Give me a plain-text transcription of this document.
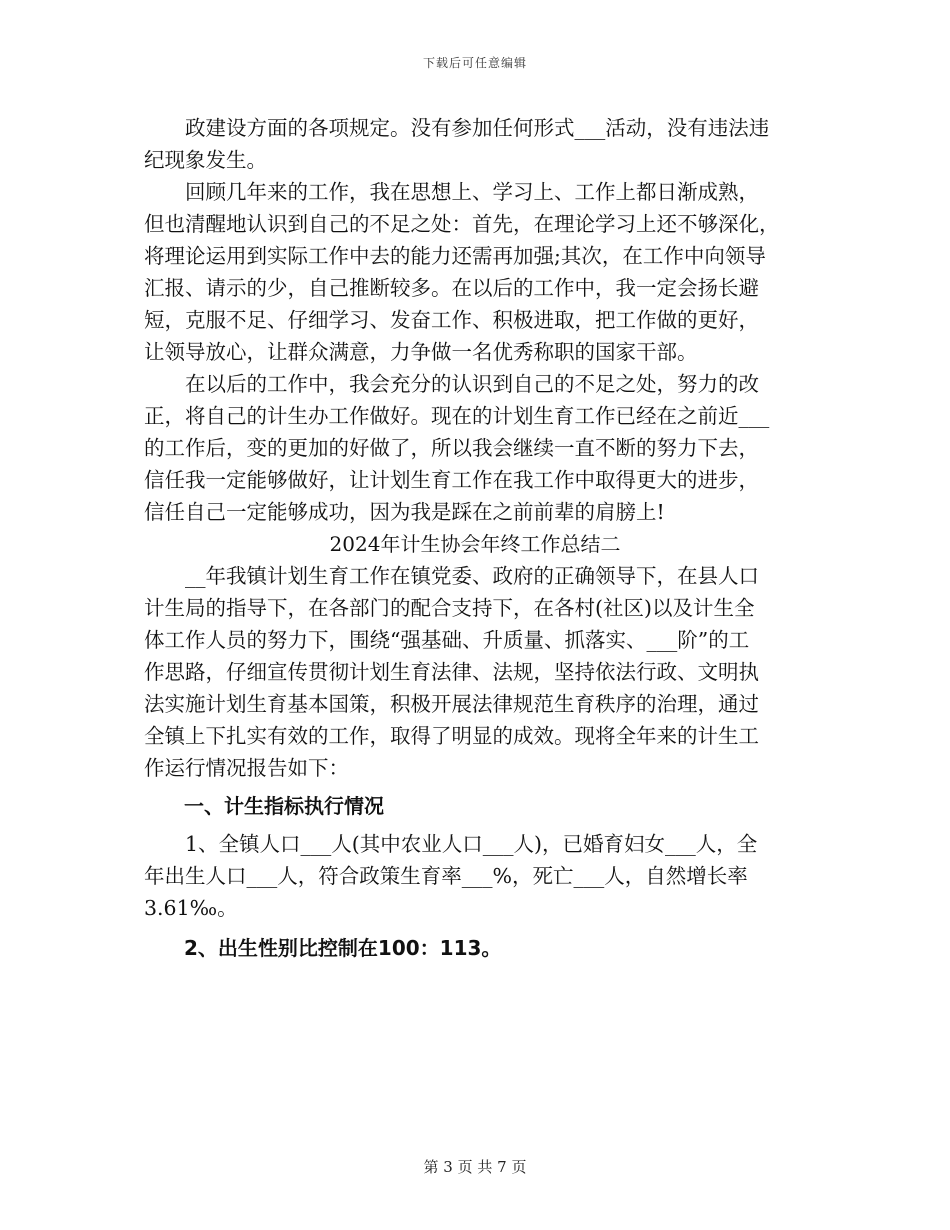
下载后可任意编辑
　　政建设方面的各项规定。没有参加任何形式___活动，没有违法违
纪现象发生。
　　回顾几年来的工作，我在思想上、学习上、工作上都日渐成熟，
但也清醒地认识到自己的不足之处：首先，在理论学习上还不够深化，
将理论运用到实际工作中去的能力还需再加强;其次，在工作中向领导
汇报、请示的少，自己推断较多。在以后的工作中，我一定会扬长避
短，克服不足、仔细学习、发奋工作、积极进取，把工作做的更好，
让领导放心，让群众满意，力争做一名优秀称职的国家干部。
　　在以后的工作中，我会充分的认识到自己的不足之处，努力的改
正，将自己的计生办工作做好。现在的计划生育工作已经在之前近___
的工作后，变的更加的好做了，所以我会继续一直不断的努力下去，
信任我一定能够做好，让计划生育工作在我工作中取得更大的进步，
信任自己一定能够成功，因为我是踩在之前前辈的肩膀上!
2024年计生协会年终工作总结二
　　__年我镇计划生育工作在镇党委、政府的正确领导下，在县人口
计生局的指导下，在各部门的配合支持下，在各村(社区)以及计生全
体工作人员的努力下，围绕“强基础、升质量、抓落实、___阶”的工
作思路，仔细宣传贯彻计划生育法律、法规，坚持依法行政、文明执
法实施计划生育基本国策，积极开展法律规范生育秩序的治理，通过
全镇上下扎实有效的工作，取得了明显的成效。现将全年来的计生工
作运行情况报告如下：
　　一、计生指标执行情况
　　1、全镇人口___人(其中农业人口___人)，已婚育妇女___人，全
年出生人口___人，符合政策生育率___%，死亡___人，自然增长率
3.61‰。
　　2、出生性别比控制在100：113。
第 3 页 共 7 页
